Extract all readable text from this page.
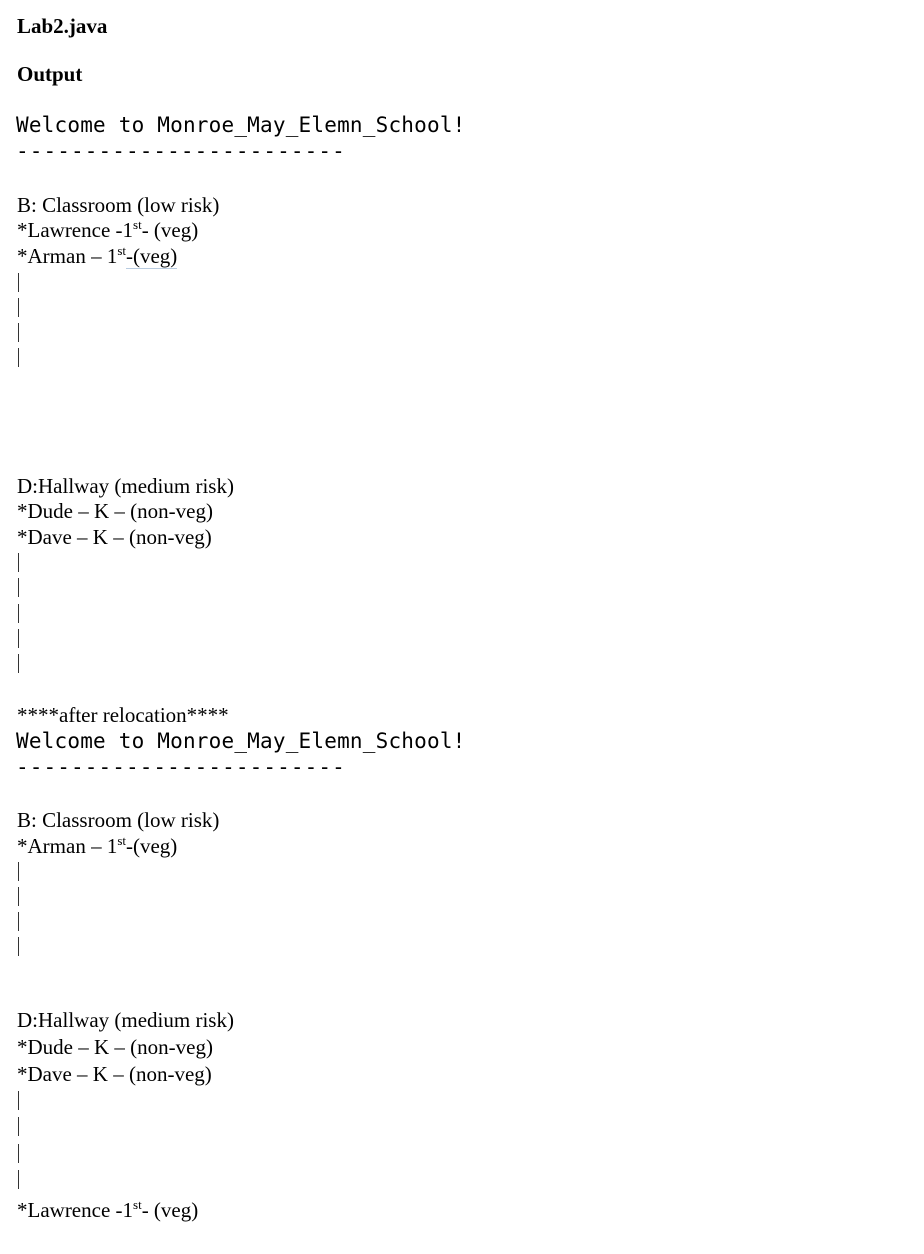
Lab2.java
Output
Welcome to Monroe_May_Elemn_School!
------------------------
B: Classroom (low risk)
*Lawrence -1st- (veg)
*Arman – 1st-(veg)
D:Hallway (medium risk)
*Dude – K – (non-veg)
*Dave – K – (non-veg)
****after relocation****
Welcome to Monroe_May_Elemn_School!
------------------------
B: Classroom (low risk)
*Arman – 1st-(veg)
D:Hallway (medium risk)
*Dude – K – (non-veg)
*Dave – K – (non-veg)
*Lawrence -1st- (veg)
